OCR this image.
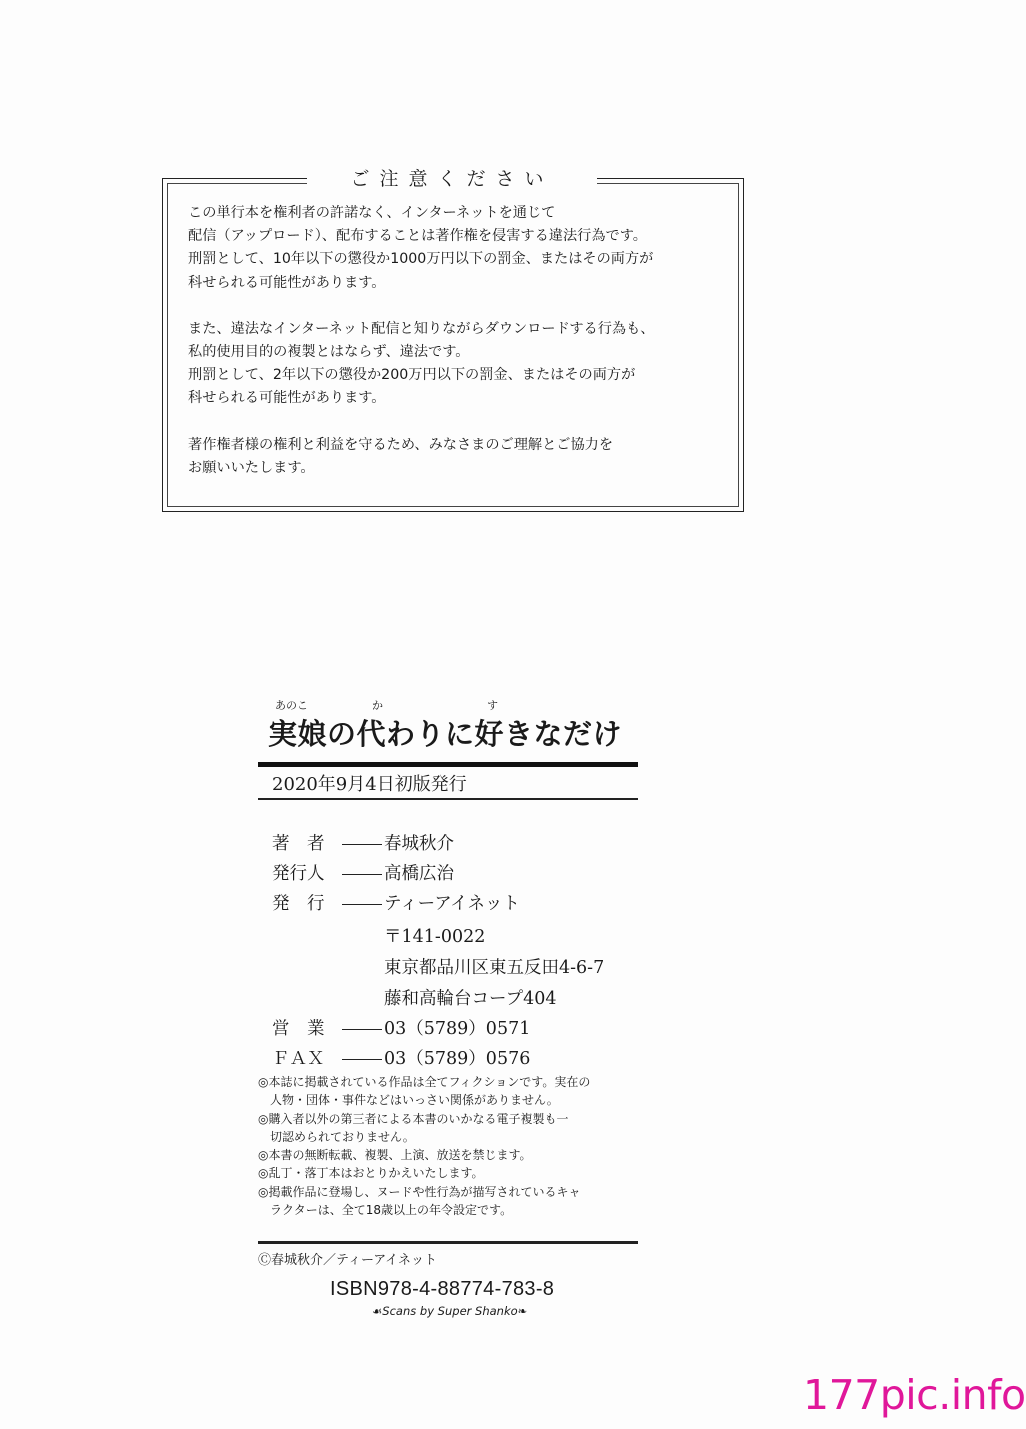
ご注意ください

この単行本を権利者の許諾なく、インターネットを通じて
配信（アップロード）、配布することは著作権を侵害する違法行為です。
刑罰として、10年以下の懲役か1000万円以下の罰金、またはその両方が
科せられる可能性があります。

また、違法なインターネット配信と知りながらダウンロードする行為も、
私的使用目的の複製とはならず、違法です。
刑罰として、2年以下の懲役か200万円以下の罰金、またはその両方が
科せられる可能性があります。

著作権者様の権利と利益を守るため、みなさまのご理解とご協力を
お願いいたします。

あのこ	か	す
実娘の代わりに好きなだけ
2020年9月4日初版発行
著　者	春城秋介
発行人	高橋広治
発　行	ティーアイネット
〒141-0022
東京都品川区東五反田4-6-7
藤和高輪台コープ404
営　業	03（5789）0571
ＦＡＸ	03（5789）0576
◎本誌に掲載されている作品は全てフィクションです。実在の
　人物・団体・事件などはいっさい関係がありません。
◎購入者以外の第三者による本書のいかなる電子複製も一
　切認められておりません。
◎本書の無断転載、複製、上演、放送を禁じます。
◎乱丁・落丁本はおとりかえいたします。
◎掲載作品に登場し、ヌードや性行為が描写されているキャ
　ラクターは、全て18歳以上の年令設定です。
Ⓒ春城秋介／ティーアイネット
ISBN978-4-88774-783-8
☙Scans by Super Shanko❧
177pic.info
